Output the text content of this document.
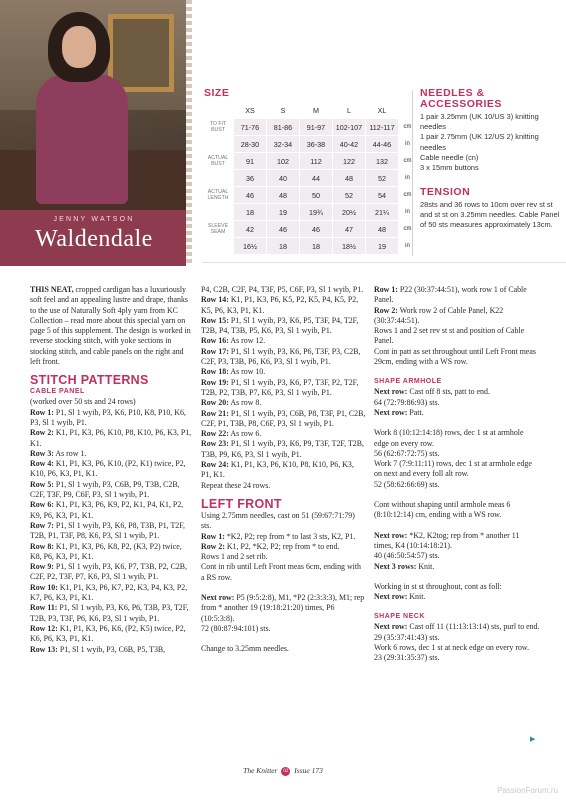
JENNY WATSON
Waldendale
SIZE
	XS	S	M	L	XL	
TO FIT BUST	71-76	81-86	91-97	102-107	112-117	cm
	28-30	32-34	36-38	40-42	44-46	in
ACTUAL BUST	91	102	112	122	132	cm
	36	40	44	48	52	in
ACTUAL LENGTH	46	48	50	52	54	cm
	18	19	19¾	20½	21¼	in
SLEEVE SEAM	42	46	46	47	48	cm
	16½	18	18	18½	19	in
NEEDLES & ACCESSORIES
1 pair 3.25mm (UK 10/US 3) knitting needles
1 pair 2.75mm (UK 12/US 2) knitting needles
Cable needle (cn)
3 x 15mm buttons
TENSION
28sts and 36 rows to 10cm over rev st st and st st on 3.25mm needles. Cable Panel of 50 sts measures approximately 13cm.

THIS NEAT, cropped cardigan has a luxuriously soft feel and an appealing lustre and drape, thanks to the use of Naturally Soft 4ply yarn from KC Collection – read more about this special yarn on page 5 of this supplement. The design is worked in reverse stocking stitch, with yoke sections in stocking stitch, and cable panels on the right and left front.

STITCH PATTERNS
CABLE PANEL

(worked over 50 sts and 24 rows)

Row 1: P1, Sl 1 wyib, P3, K6, P10, K8, P10, K6, P3, Sl 1 wyib, P1.

Row 2: K1, P1, K3, P6, K10, P8, K10, P6, K3, P1, K1.

Row 3: As row 1.

Row 4: K1, P1, K3, P6, K10, (P2, K1) twice, P2, K10, P6, K3, P1, K1.

Row 5: P1, Sl 1 wyib, P3, C6B, P9, T3B, C2B, C2F, T3F, P9, C6F, P3, Sl 1 wyib, P1.

Row 6: K1, P1, K3, P6, K9, P2, K1, P4, K1, P2, K9, P6, K3, P1, K1.

Row 7: P1, Sl 1 wyib, P3, K6, P8, T3B, P1, T2F, T2B, P1, T3F, P8, K6, P3, Sl 1 wyib, P1.

Row 8: K1, P1, K3, P6, K8, P2, (K3, P2) twice, K8, P6, K3, P1, K1.

Row 9: P1, Sl 1 wyib, P3, K6, P7, T3B, P2, C2B, C2F, P2, T3F, P7, K6, P3, Sl 1 wyib, P1.

Row 10: K1, P1, K3, P6, K7, P2, K3, P4, K3, P2, K7, P6, K3, P1, K1.

Row 11: P1, Sl 1 wyib, P3, K6, P6, T3B, P3, T2F, T2B, P3, T3F, P6, K6, P3, Sl 1 wyib, P1.

Row 12: K1, P1, K3, P6, K6, (P2, K5) twice, P2, K6, P6, K3, P1, K1.

Row 13: P1, Sl 1 wyib, P3, C6B, P5, T3B,

P4, C2B, C2F, P4, T3F, P5, C6F, P3, Sl 1 wyib, P1.

Row 14: K1, P1, K3, P6, K5, P2, K5, P4, K5, P2, K5, P6, K3, P1, K1.

Row 15: P1, Sl 1 wyib, P3, K6, P5, T3F, P4, T2F, T2B, P4, T3B, P5, K6, P3, Sl 1 wyib, P1.

Row 16: As row 12.

Row 17: P1, Sl 1 wyib, P3, K6, P6, T3F, P3, C2B, C2F, P3, T3B, P6, K6, P3, Sl 1 wyib, P1.

Row 18: As row 10.

Row 19: P1, Sl 1 wyib, P3, K6, P7, T3F, P2, T2F, T2B, P2, T3B, P7, K6, P3, Sl 1 wyib, P1.

Row 20: As row 8.

Row 21: P1, Sl 1 wyib, P3, C6B, P8, T3F, P1, C2B, C2F, P1, T3B, P8, C6F, P3, Sl 1 wyib, P1.

Row 22: As row 6.

Row 23: P1, Sl 1 wyib, P3, K6, P9, T3F, T2F, T2B, T3B, P9, K6, P3, Sl 1 wyib, P1.

Row 24: K1, P1, K3, P6, K10, P8, K10, P6, K3, P1, K1.

Repeat these 24 rows.

LEFT FRONT

Using 2.75mm needles, cast on 51 (59:67:71:79) sts.

Row 1: *K2, P2; rep from * to last 3 sts, K2, P1.

Row 2: K1, P2, *K2, P2; rep from * to end.

Rows 1 and 2 set rib.

Cont in rib until Left Front meas 6cm, ending with a RS row.

Next row: P5 (9:5:2:8), M1, *P2 (2:3:3:3), M1; rep from * another 19 (19:18:21:20) times, P6 (10:5:3:8).

72 (80:87:94:101) sts.

Change to 3.25mm needles.

Row 1: P22 (30:37:44:51), work row 1 of Cable Panel.

Row 2: Work row 2 of Cable Panel, K22 (30:37:44:51).

Rows 1 and 2 set rev st st and position of Cable Panel.

Cont in patt as set throughout until Left Front meas 29cm, ending with a WS row.

SHAPE ARMHOLE

Next row: Cast off 8 sts, patt to end.

64 (72:79:86:93) sts.

Next row: Patt.

Work 8 (10:12:14:18) rows, dec 1 st at armhole edge on every row.

56 (62:67:72:75) sts.

Work 7 (7:9:11:11) rows, dec 1 st at armhole edge on next and every foll alt row.

52 (58:62:66:69) sts.

Cont without shaping until armhole meas 6 (8:10:12:14) cm, ending with a WS row.

Next row: *K2, K2tog; rep from * another 11 times, K4 (10:14:18:21).

40 (46:50:54:57) sts.

Next 3 rows: Knit.

Working in st st throughout, cont as foll:

Next row: Knit.

SHAPE NECK

Next row: Cast off 11 (11:13:13:14) sts, purl to end.

29 (35:37:41:43) sts.

Work 6 rows, dec 1 st at neck edge on every row.

23 (29:31:35:37) sts.

▶
The Knitter 02 Issue 173
PassionForum.ru
